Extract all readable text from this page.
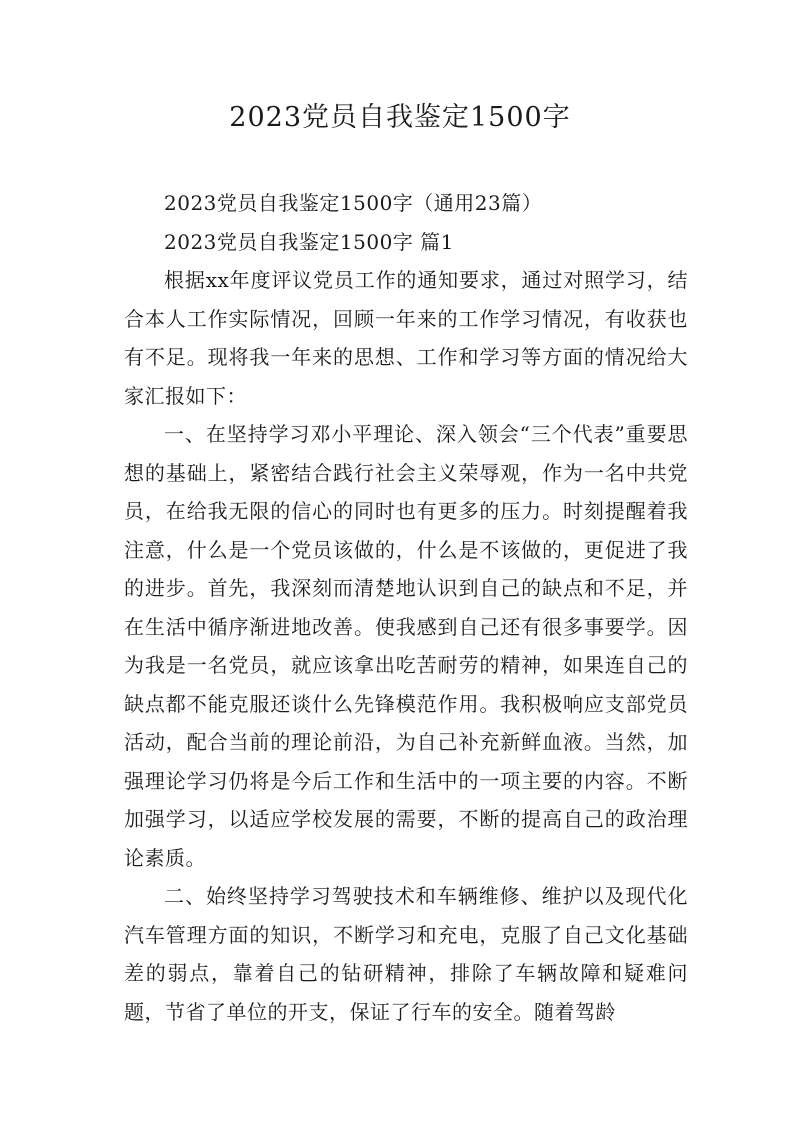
2023党员自我鉴定1500字

2023党员自我鉴定1500字（通用23篇）

2023党员自我鉴定1500字 篇1

根据xx年度评议党员工作的通知要求，通过对照学习，结合本人工作实际情况，回顾一年来的工作学习情况，有收获也有不足。现将我一年来的思想、工作和学习等方面的情况给大家汇报如下：

一、在坚持学习邓小平理论、深入领会“三个代表”重要思想的基础上，紧密结合践行社会主义荣辱观，作为一名中共党员，在给我无限的信心的同时也有更多的压力。时刻提醒着我注意，什么是一个党员该做的，什么是不该做的，更促进了我的进步。首先，我深刻而清楚地认识到自己的缺点和不足，并在生活中循序渐进地改善。使我感到自己还有很多事要学。因为我是一名党员，就应该拿出吃苦耐劳的精神，如果连自己的缺点都不能克服还谈什么先锋模范作用。我积极响应支部党员活动，配合当前的理论前沿，为自己补充新鲜血液。当然，加强理论学习仍将是今后工作和生活中的一项主要的内容。不断加强学习，以适应学校发展的需要，不断的提高自己的政治理论素质。

二、始终坚持学习驾驶技术和车辆维修、维护以及现代化汽车管理方面的知识，不断学习和充电，克服了自己文化基础差的弱点，靠着自己的钻研精神，排除了车辆故障和疑难问题，节省了单位的开支，保证了行车的安全。随着驾龄
